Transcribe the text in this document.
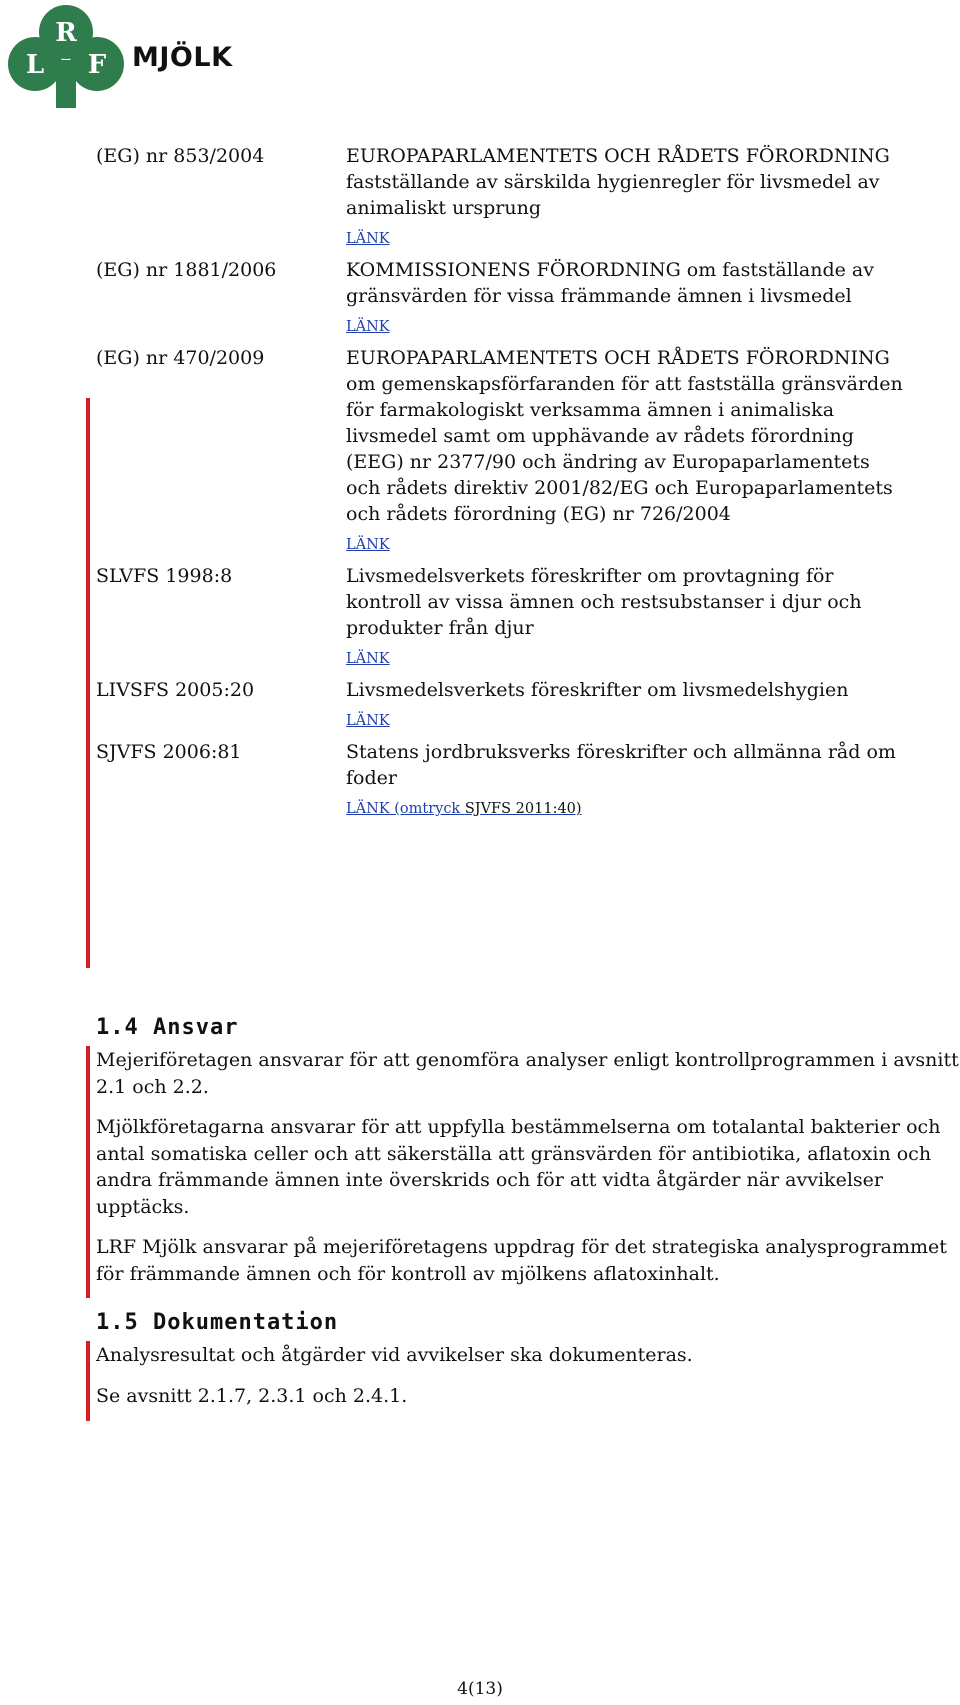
R
L F MJÖLK
(EG) nr 853/2004	EUROPAPARLAMENTETS OCH RÅDETS FÖRORDNING fastställande av särskilda hygienregler för livsmedel av animaliskt ursprung
LÄNK
(EG) nr 1881/2006	KOMMISSIONENS FÖRORDNING om fastställande av gränsvärden för vissa främmande ämnen i livsmedel
LÄNK
(EG) nr 470/2009	EUROPAPARLAMENTETS OCH RÅDETS FÖRORDNING om gemenskapsförfaranden för att fastställa gränsvärden för farmakologiskt verksamma ämnen i animaliska livsmedel samt om upphävande av rådets förordning (EEG) nr 2377/90 och ändring av Europaparlamentets och rådets direktiv 2001/82/EG och Europaparlamentets och rådets förordning (EG) nr 726/2004
LÄNK
SLVFS 1998:8	Livsmedelsverkets föreskrifter om provtagning för kontroll av vissa ämnen och restsubstanser i djur och produkter från djur
LÄNK
LIVSFS 2005:20	Livsmedelsverkets föreskrifter om livsmedelshygien
LÄNK
SJVFS 2006:81	Statens jordbruksverks föreskrifter och allmänna råd om foder
LÄNK (omtryck SJVFS 2011:40)
1.4 Ansvar

Mejeriföretagen ansvarar för att genomföra analyser enligt kontrollprogrammen i avsnitt 2.1 och 2.2.

Mjölkföretagarna ansvarar för att uppfylla bestämmelserna om totalantal bakterier och antal somatiska celler och att säkerställa att gränsvärden för antibiotika, aflatoxin och andra främmande ämnen inte överskrids och för att vidta åtgärder när avvikelser upptäcks.

LRF Mjölk ansvarar på mejeriföretagens uppdrag för det strategiska analysprogrammet för främmande ämnen och för kontroll av mjölkens aflatoxinhalt.

1.5 Dokumentation

Analysresultat och åtgärder vid avvikelser ska dokumenteras.

Se avsnitt 2.1.7, 2.3.1 och 2.4.1.

4(13)
